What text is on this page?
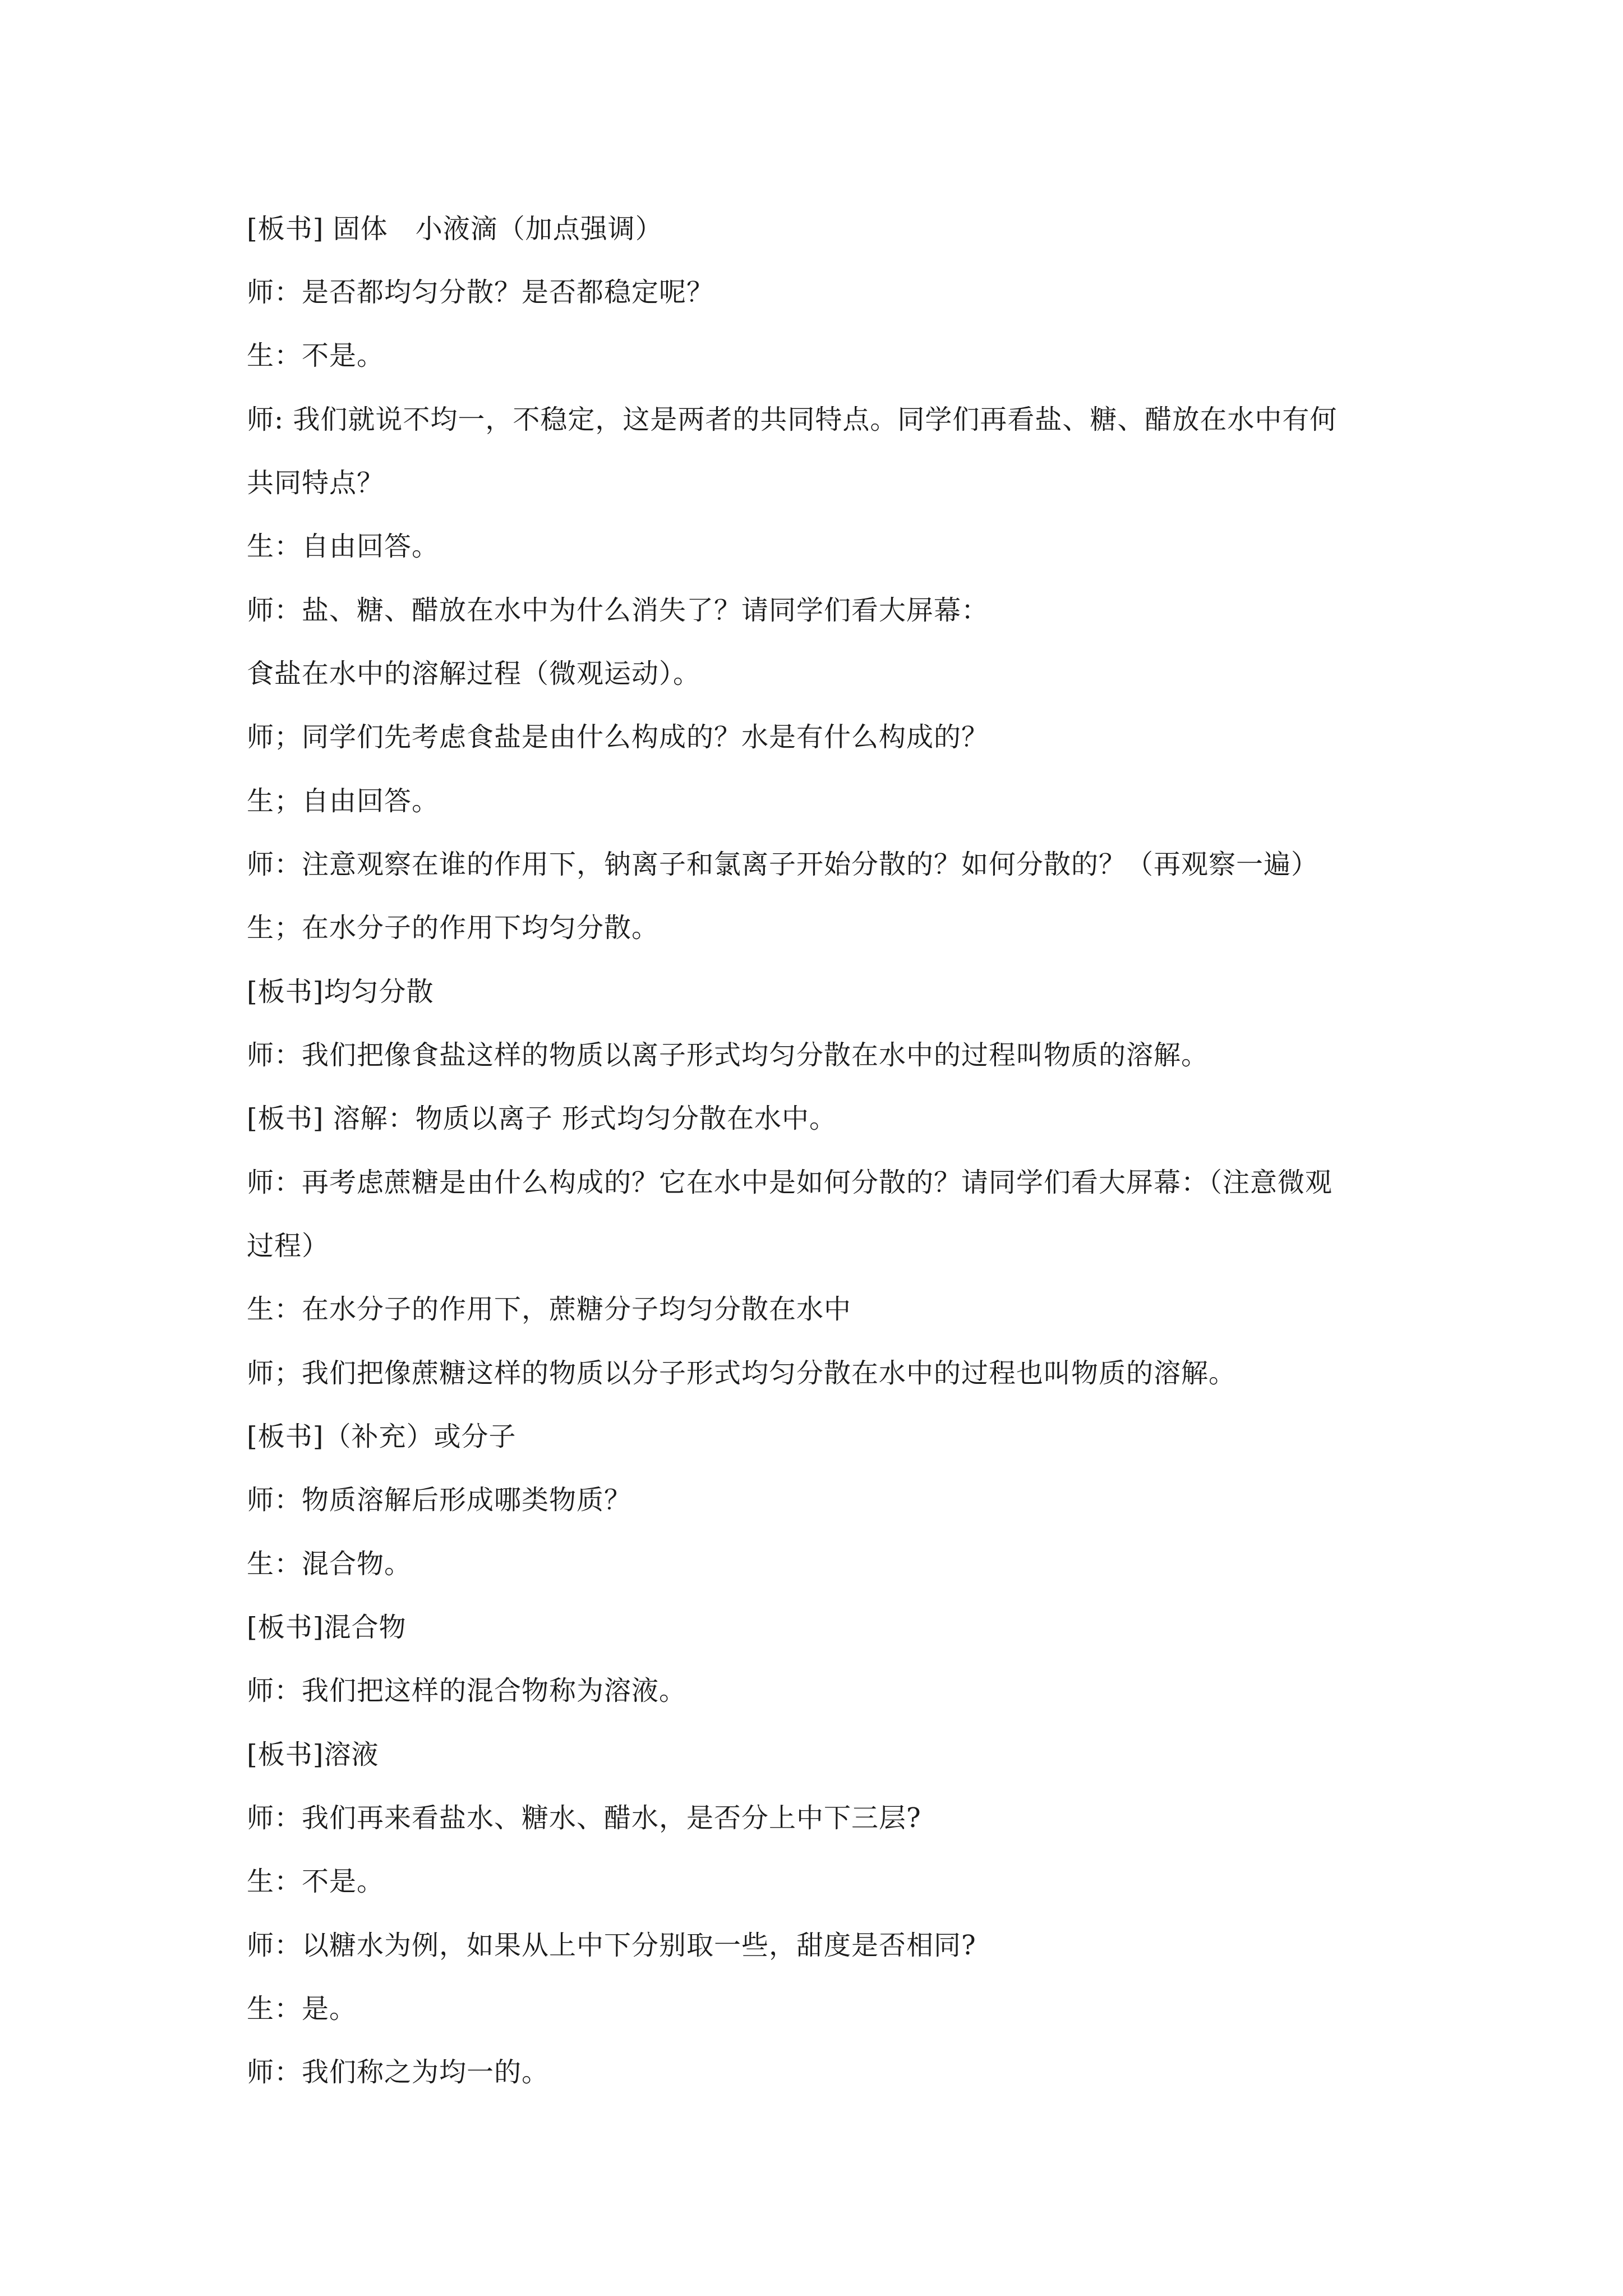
[板书] 固体　小液滴（加点强调）
师：是否都均匀分散？是否都稳定呢？
生：不是。
师: 我们就说不均一，不稳定，这是两者的共同特点。同学们再看盐、糖、醋放在水中有何
共同特点？
生：自由回答。
师：盐、糖、醋放在水中为什么消失了？请同学们看大屏幕：
食盐在水中的溶解过程（微观运动）。
师；同学们先考虑食盐是由什么构成的？水是有什么构成的？
生；自由回答。
师：注意观察在谁的作用下，钠离子和氯离子开始分散的？如何分散的？（再观察一遍）
生；在水分子的作用下均匀分散。
[板书]均匀分散
师：我们把像食盐这样的物质以离子形式均匀分散在水中的过程叫物质的溶解。
[板书] 溶解：物质以离子 形式均匀分散在水中。
师：再考虑蔗糖是由什么构成的？它在水中是如何分散的？请同学们看大屏幕：（注意微观
过程）
生：在水分子的作用下，蔗糖分子均匀分散在水中
师；我们把像蔗糖这样的物质以分子形式均匀分散在水中的过程也叫物质的溶解。
[板书]（补充）或分子
师：物质溶解后形成哪类物质？
生：混合物。
[板书]混合物
师：我们把这样的混合物称为溶液。
[板书]溶液
师：我们再来看盐水、糖水、醋水，是否分上中下三层?
生：不是。
师：以糖水为例，如果从上中下分别取一些，甜度是否相同?
生：是。
师：我们称之为均一的。
